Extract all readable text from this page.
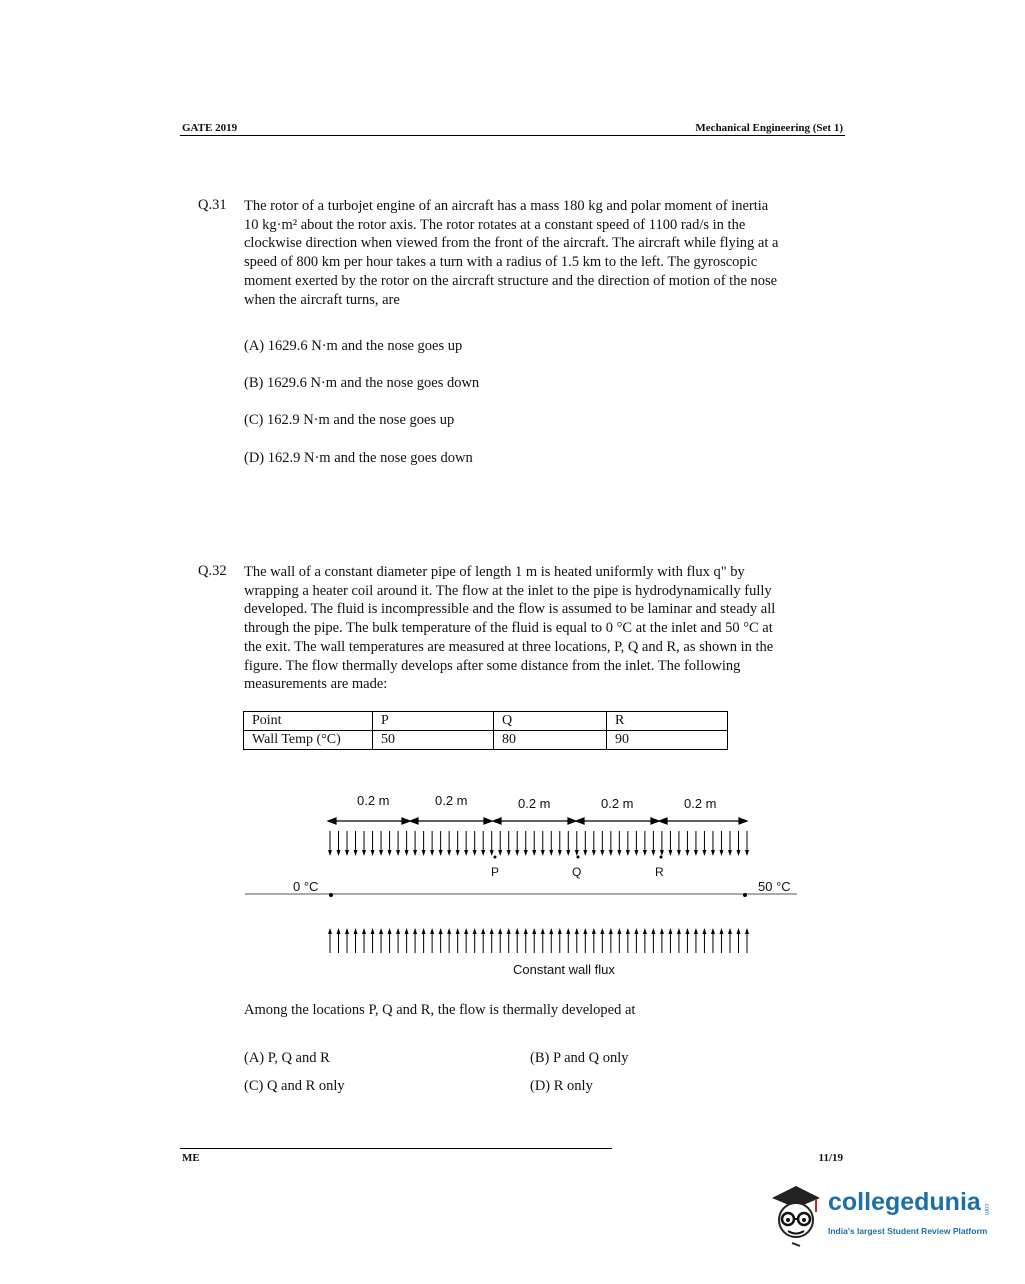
GATE 2019	Mechanical Engineering (Set 1)
Q.31 The rotor of a turbojet engine of an aircraft has a mass 180 kg and polar moment of inertia
10 kg·m² about the rotor axis. The rotor rotates at a constant speed of 1100 rad/s in the
clockwise direction when viewed from the front of the aircraft. The aircraft while flying at a
speed of 800 km per hour takes a turn with a radius of 1.5 km to the left. The gyroscopic
moment exerted by the rotor on the aircraft structure and the direction of motion of the nose
when the aircraft turns, are
(A) 1629.6 N·m and the nose goes up
(B) 1629.6 N·m and the nose goes down
(C) 162.9 N·m and the nose goes up
(D) 162.9 N·m and the nose goes down
Q.32 The wall of a constant diameter pipe of length 1 m is heated uniformly with flux q" by
wrapping a heater coil around it. The flow at the inlet to the pipe is hydrodynamically fully
developed. The fluid is incompressible and the flow is assumed to be laminar and steady all
through the pipe. The bulk temperature of the fluid is equal to 0 °C at the inlet and 50 °C at
the exit. The wall temperatures are measured at three locations, P, Q and R, as shown in the
figure. The flow thermally develops after some distance from the inlet. The following
measurements are made:
Point	P	Q	R
Wall Temp (°C)	50	80	90
0.2 m	0.2 m	0.2 m	0.2 m	0.2 m
P	Q	R
0 °C	50 °C
Constant wall flux
Among the locations P, Q and R, the flow is thermally developed at
(A) P, Q and R	(B) P and Q only
(C) Q and R only	(D) R only
ME	11/19
collegedunia .com
India's largest Student Review Platform
